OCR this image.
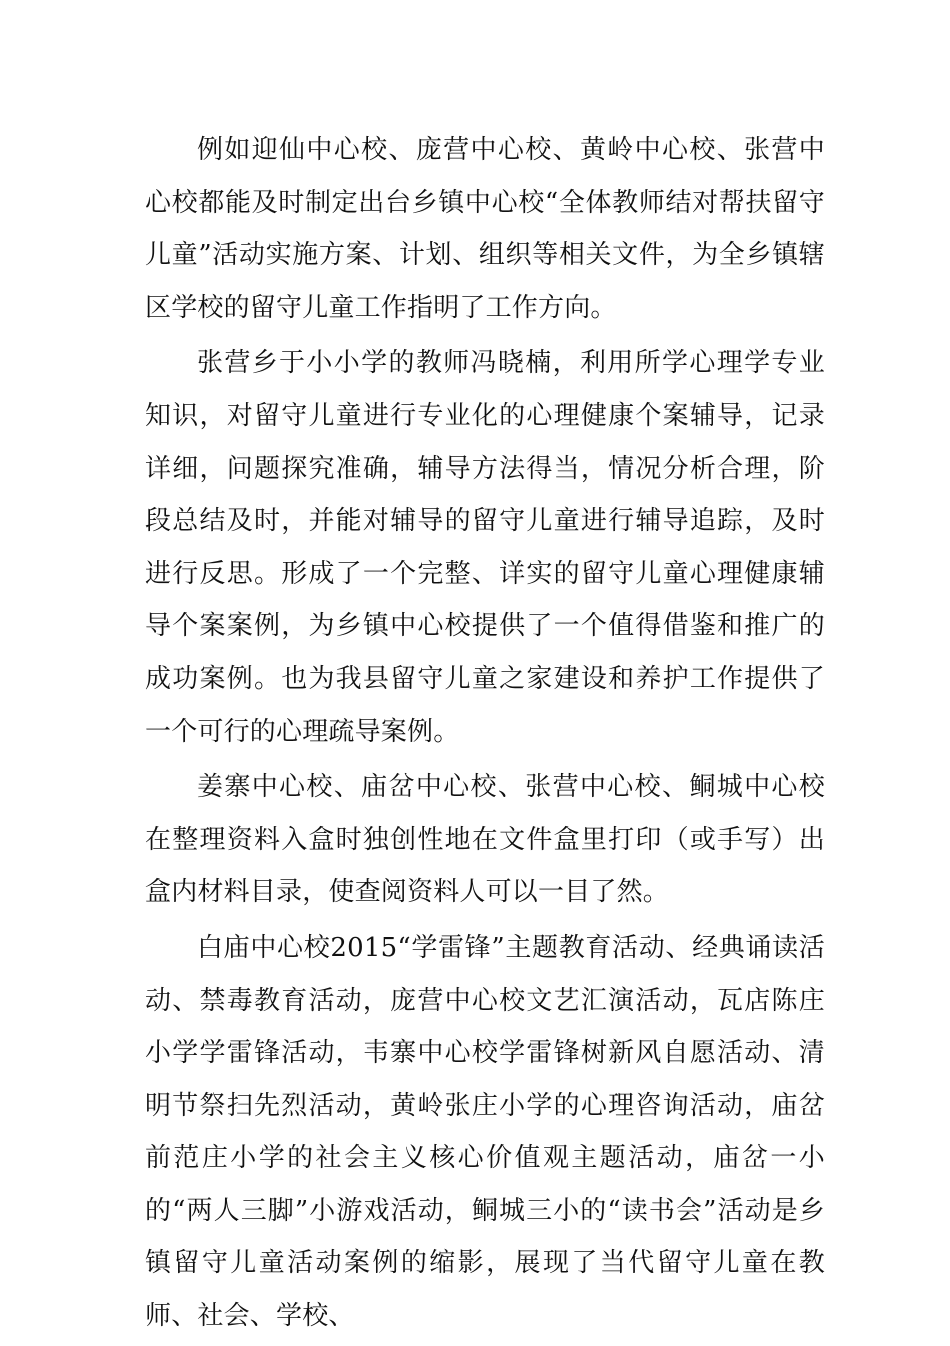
例如迎仙中心校、庞营中心校、黄岭中心校、张营中心校都能及时制定出台乡镇中心校“全体教师结对帮扶留守儿童”活动实施方案、计划、组织等相关文件，为全乡镇辖区学校的留守儿童工作指明了工作方向。

张营乡于小小学的教师冯晓楠，利用所学心理学专业知识，对留守儿童进行专业化的心理健康个案辅导，记录详细，问题探究准确，辅导方法得当，情况分析合理，阶段总结及时，并能对辅导的留守儿童进行辅导追踪，及时进行反思。形成了一个完整、详实的留守儿童心理健康辅导个案案例，为乡镇中心校提供了一个值得借鉴和推广的成功案例。也为我县留守儿童之家建设和养护工作提供了一个可行的心理疏导案例。

姜寨中心校、庙岔中心校、张营中心校、鲖城中心校在整理资料入盒时独创性地在文件盒里打印（或手写）出盒内材料目录，使查阅资料人可以一目了然。

白庙中心校2015“学雷锋”主题教育活动、经典诵读活动、禁毒教育活动，庞营中心校文艺汇演活动，瓦店陈庄小学学雷锋活动，韦寨中心校学雷锋树新风自愿活动、清明节祭扫先烈活动，黄岭张庄小学的心理咨询活动，庙岔前范庄小学的社会主义核心价值观主题活动，庙岔一小的“两人三脚”小游戏活动，鲖城三小的“读书会”活动是乡镇留守儿童活动案例的缩影，展现了当代留守儿童在教师、社会、学校、
